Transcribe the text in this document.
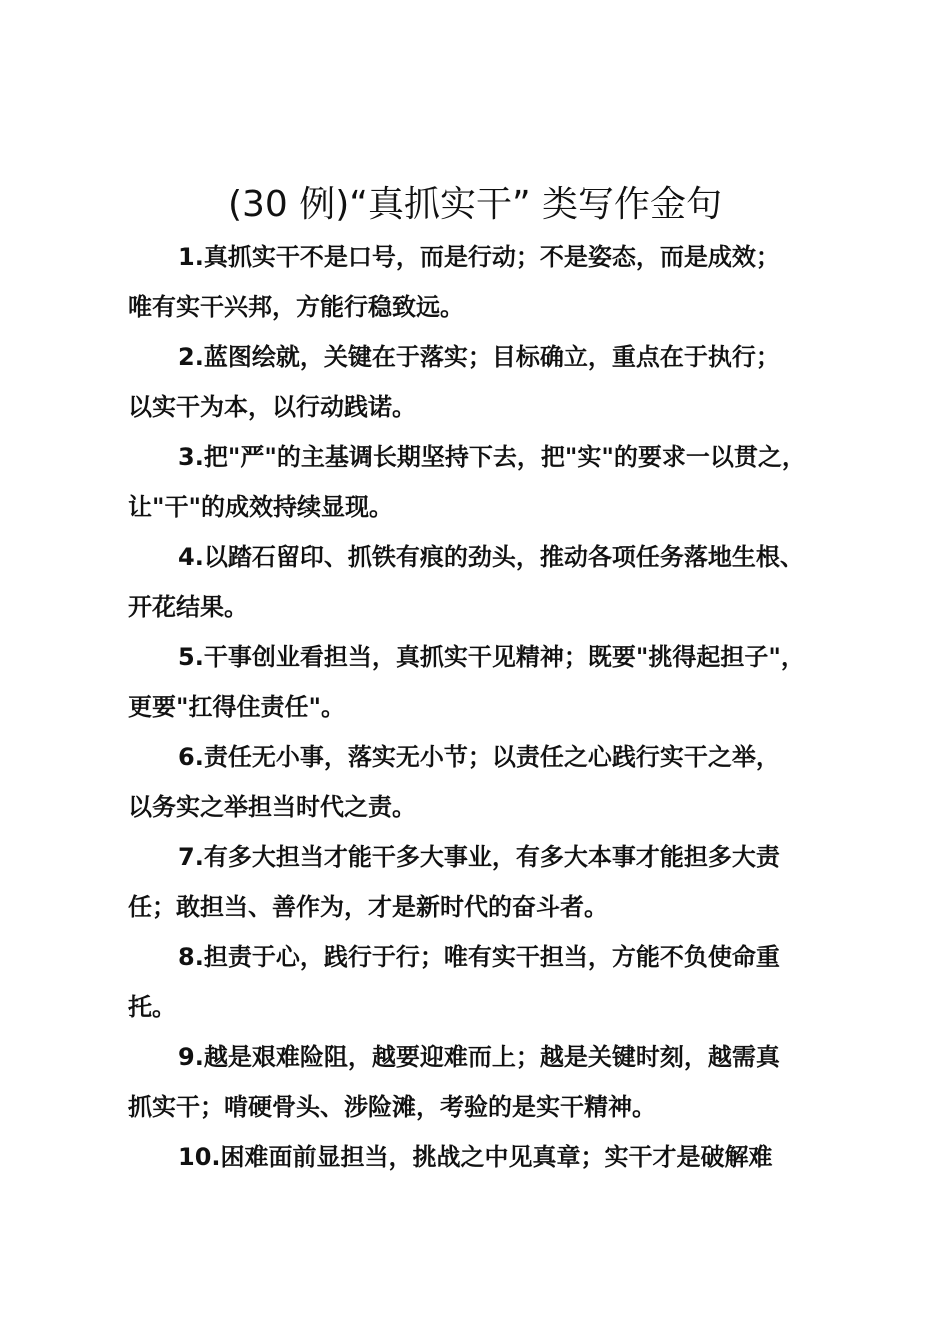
(30 例)“真抓实干” 类写作金句
1.真抓实干不是口号，而是行动；不是姿态，而是成效；
唯有实干兴邦，方能行稳致远。
2.蓝图绘就，关键在于落实；目标确立，重点在于执行；
以实干为本，以行动践诺。
3.把"严"的主基调长期坚持下去，把"实"的要求一以贯之，
让"干"的成效持续显现。
4.以踏石留印、抓铁有痕的劲头，推动各项任务落地生根、
开花结果。
5.干事创业看担当，真抓实干见精神；既要"挑得起担子"，
更要"扛得住责任"。
6.责任无小事，落实无小节；以责任之心践行实干之举，
以务实之举担当时代之责。
7.有多大担当才能干多大事业，有多大本事才能担多大责
任；敢担当、善作为，才是新时代的奋斗者。
8.担责于心，践行于行；唯有实干担当，方能不负使命重
托。
9.越是艰难险阻，越要迎难而上；越是关键时刻，越需真
抓实干；啃硬骨头、涉险滩，考验的是实干精神。
10.困难面前显担当，挑战之中见真章；实干才是破解难
